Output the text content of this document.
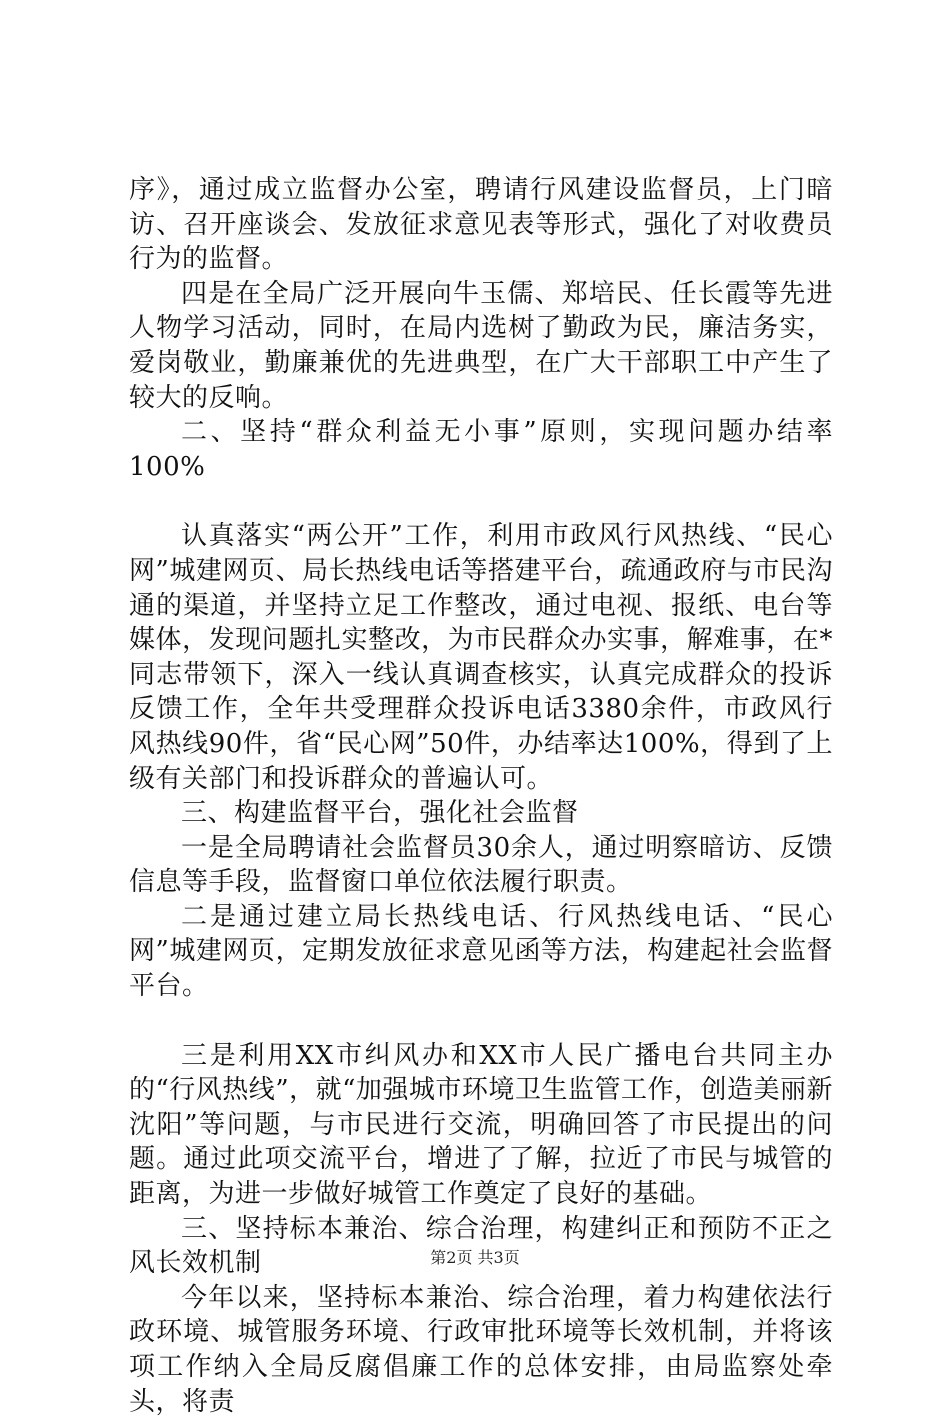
序》，通过成立监督办公室，聘请行风建设监督员，上门暗访、召开座谈会、发放征求意见表等形式，强化了对收费员行为的监督。

四是在全局广泛开展向牛玉儒、郑培民、任长霞等先进人物学习活动，同时，在局内选树了勤政为民，廉洁务实，爱岗敬业，勤廉兼优的先进典型，在广大干部职工中产生了较大的反响。

二、坚持“群众利益无小事”原则，实现问题办结率100%

认真落实“两公开”工作，利用市政风行风热线、“民心网”城建网页、局长热线电话等搭建平台，疏通政府与市民沟通的渠道，并坚持立足工作整改，通过电视、报纸、电台等媒体，发现问题扎实整改，为市民群众办实事，解难事，在*同志带领下，深入一线认真调查核实，认真完成群众的投诉反馈工作，全年共受理群众投诉电话3380余件，市政风行风热线90件，省“民心网”50件，办结率达100%，得到了上级有关部门和投诉群众的普遍认可。

三、构建监督平台，强化社会监督

一是全局聘请社会监督员30余人，通过明察暗访、反馈信息等手段，监督窗口单位依法履行职责。

二是通过建立局长热线电话、行风热线电话、“民心网”城建网页，定期发放征求意见函等方法，构建起社会监督平台。

三是利用XX市纠风办和XX市人民广播电台共同主办的“行风热线”，就“加强城市环境卫生监管工作，创造美丽新沈阳”等问题，与市民进行交流，明确回答了市民提出的问题。通过此项交流平台，增进了了解，拉近了市民与城管的距离，为进一步做好城管工作奠定了良好的基础。

三、坚持标本兼治、综合治理，构建纠正和预防不正之风长效机制

今年以来，坚持标本兼治、综合治理，着力构建依法行政环境、城管服务环境、行政审批环境等长效机制，并将该项工作纳入全局反腐倡廉工作的总体安排，由局监察处牵头，将责

第2页 共3页
